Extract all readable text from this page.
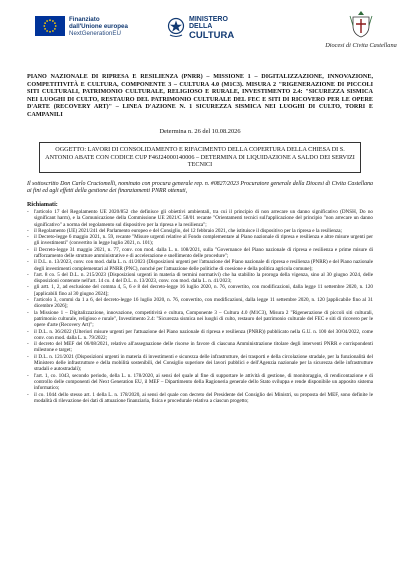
Finanziato
dall'Unione europea
NextGenerationEU
MINISTERO
DELLA
CULTURA
Diocesi di Civita Castellana
PIANO NAZIONALE DI RIPRESA E RESILIENZA (PNRR) – MISSIONE 1 – DIGITALIZZAZIONE, INNOVAZIONE, COMPETITIVITÀ E CULTURA, COMPONENTE 3 – CULTURA 4.0 (M1C3). MISURA 2 "RIGENERAZIONE DI PICCOLI SITI CULTURALI, PATRIMONIO CULTURALE, RELIGIOSO E RURALE, INVESTIMENTO 2.4: "SICUREZZA SISMICA NEI LUOGHI DI CULTO, RESTAURO DEL PATRIMONIO CULTURALE DEL FEC E SITI DI RICOVERO PER LE OPERE D'ARTE (RECOVERY ART)" – LINEA D'AZIONE N. 1 SICUREZZA SISMICA NEI LUOGHI DI CULTO, TORRI E CAMPANILI
Determina n. 26 del 10.08.2026
OGGETTO: LAVORI DI CONSOLIDAMENTO E RIFACIMENTO DELLA COPERTURA DELLA CHIESA DI S. ANTONIO ABATE CON CODICE CUP F46J24000140006 – DETERMINA DI LIQUIDAZIONE A SALDO DEI SERVIZI TECNICI
Il sottoscritto Don Carlo Cruciomelli, nominato con procura generale rep. n. #0827/2023 Procuratore generale della Diocesi di Civita Castellana ai fini ed agli effetti della gestione dei finanziamenti PNRR ottenuti,
Richiamati:
- l'articolo 17 del Regolamento UE 2020/852 che definisce gli obiettivi ambientali, tra cui il principio di non arrecare un danno significativo (DNSH, Do no significant harm), e la Comunicazione della Commissione UE 2021/C 58/01 recante "Orientamenti tecnici sull'applicazione del principio "non arrecare un danno significativo" a norma del regolamento sul dispositivo per la ripresa e la resilienza";
- il Regolamento (UE) 2021/241 del Parlamento europeo e del Consiglio, del 12 febbraio 2021, che istituisce il dispositivo per la ripresa e la resilienza;
- il Decreto-legge 6 maggio 2021, n. 59, recante "Misure urgenti relative al Fondo complementare al Piano nazionale di ripresa e resilienza e altre misure urgenti per gli investimenti" (convertito in legge luglio 2021, n. 101);
- il Decreto-legge 31 maggio 2021, n. 77, conv. con mod. dalla L. n. 108/2021, sulla "Governance del Piano nazionale di ripresa e resilienza e prime misure di rafforzamento delle strutture amministrative e di accelerazione e snellimento delle procedure";
- il D.L. n. 13/2023, conv. con mod. dalla L. n. 41/2023 (Disposizioni urgenti per l'attuazione del Piano nazionale di ripresa e resilienza (PNRR) e del Piano nazionale degli investimenti complementari al PNRR (PNC), nonché per l'attuazione delle politiche di coesione e della politica agricola comune);
- l'art. 8 co. 5 del D.L. n. 215/2023 (Disposizioni urgenti in materia di termini normativi) che ha stabilito la proroga della vigenza, sino al 30 giugno 2024, delle disposizioni contenute nell'art. 14 co. 4 del D.L. n. 13/2023, conv. con mod. dalla L. n. 41/2023;
- gli artt. 1, 2, ad esclusione del comma 4, 5, 6 e 8 del decreto-legge 16 luglio 2020, n. 76, convertito, con modificazioni, dalla legge 11 settembre 2020, n. 120 [applicabili fino al 30 giugno 2024];
- l'articolo 3, commi da 1 a 6, del decreto-legge 16 luglio 2020, n. 76, convertito, con modificazioni, dalla legge 11 settembre 2020, n. 120 [applicabile fino al 31 dicembre 2026];
- la Missione 1 – Digitalizzazione, innovazione, competitività e cultura, Componente 3 – Cultura 4.0 (M1C3), Misura 2 "Rigenerazione di piccoli siti culturali, patrimonio culturale, religioso e rurale", Investimento 2.4: "Sicurezza sismica nei luoghi di culto, restauro del patrimonio culturale del FEC e siti di ricovero per le opere d'arte (Recovery Art)";
- il D.L. n. 36/2022 (Ulteriori misure urgenti per l'attuazione del Piano nazionale di ripresa e resilienza (PNRR)) pubblicato nella G.U. n. 100 del 30/04/2022, come conv. con mod. dalla L. n. 79/2022;
- il decreto del MEF del 06/08/2021, relativo all'assegnazione delle risorse in favore di ciascuna Amministrazione titolare degli interventi PNRR e corrispondenti milestone e target;
- il D.L. n. 121/2021 (Disposizioni urgenti in materia di investimenti e sicurezza delle infrastrutture, dei trasporti e della circolazione stradale, per la funzionalità del Ministero delle infrastrutture e della mobilità sostenibili, del Consiglio superiore dei lavori pubblici e dell'Agenzia nazionale per la sicurezza delle infrastrutture stradali e autostradali);
- l'art. 1, co. 1043, secondo periodo, della L. n. 178/2020, ai sensi del quale al fine di supportare le attività di gestione, di monitoraggio, di rendicontazione e di controllo delle componenti del Next Generation EU, il MEF – Dipartimento della Ragioneria generale dello Stato sviluppa e rende disponibile un apposito sistema informatico;
- il co. 1044 dello stesso art. 1 della L. n. 178/2020, ai sensi del quale con decreto del Presidente del Consiglio dei Ministri, su proposta del MEF, sono definite le modalità di rilevazione dei dati di attuazione finanziaria, fisica e procedurale relativa a ciascun progetto;
